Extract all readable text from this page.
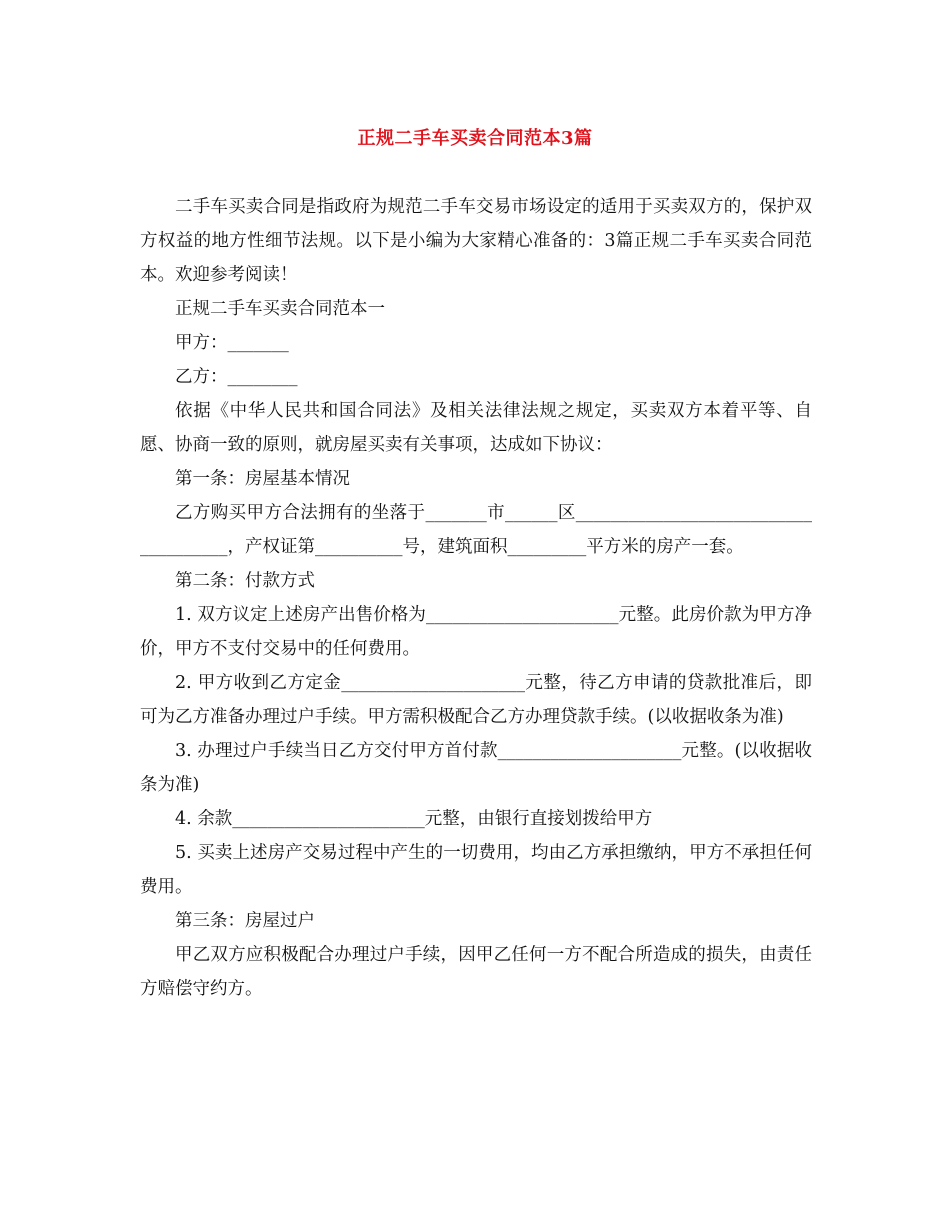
正规二手车买卖合同范本3篇

二手车买卖合同是指政府为规范二手车交易市场设定的适用于买卖双方的，保护双方权益的地方性细节法规。以下是小编为大家精心准备的：3篇正规二手车买卖合同范本。欢迎参考阅读！

正规二手车买卖合同范本一

甲方：_______

乙方：________

依据《中华人民共和国合同法》及相关法律法规之规定，买卖双方本着平等、自愿、协商一致的原则，就房屋买卖有关事项，达成如下协议：

第一条：房屋基本情况

乙方购买甲方合法拥有的坐落于_______市______区_____________________________________，产权证第__________号，建筑面积_________平方米的房产一套。

第二条：付款方式

1. 双方议定上述房产出售价格为______________________元整。此房价款为甲方净价，甲方不支付交易中的任何费用。

2. 甲方收到乙方定金_____________________元整，待乙方申请的贷款批准后，即可为乙方准备办理过户手续。甲方需积极配合乙方办理贷款手续。(以收据收条为准)

3. 办理过户手续当日乙方交付甲方首付款_____________________元整。(以收据收条为准)

4. 余款______________________元整，由银行直接划拨给甲方

5. 买卖上述房产交易过程中产生的一切费用，均由乙方承担缴纳，甲方不承担任何费用。

第三条：房屋过户

甲乙双方应积极配合办理过户手续，因甲乙任何一方不配合所造成的损失，由责任方赔偿守约方。
